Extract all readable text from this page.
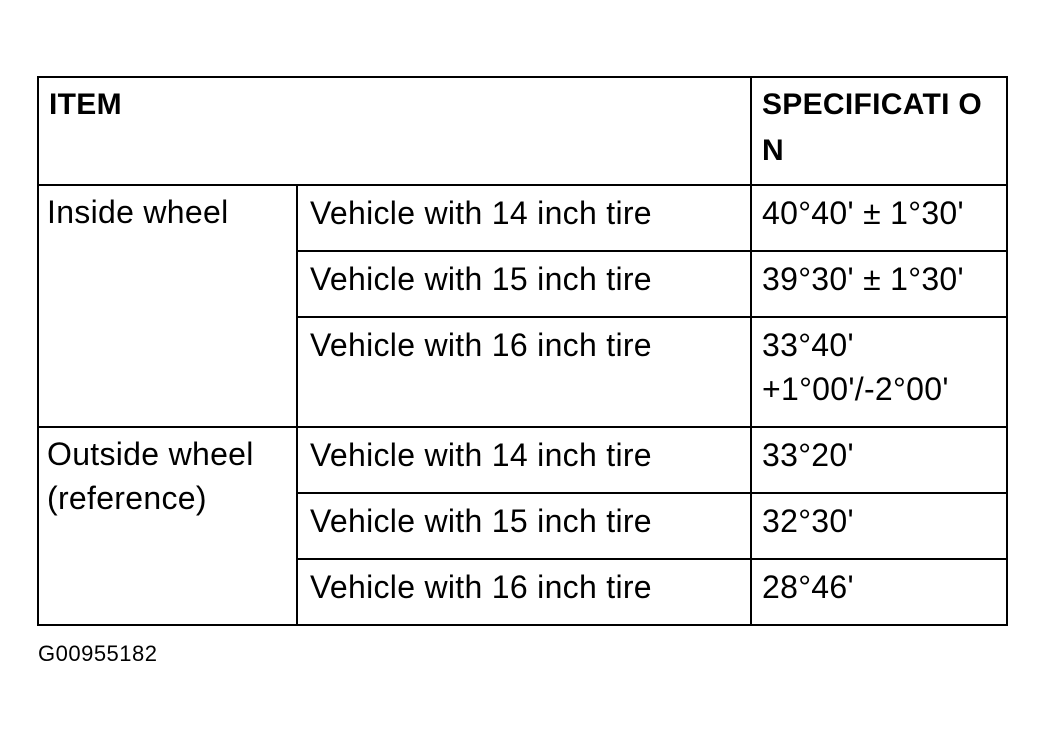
ITEM		SPECIFICATI ON
Inside wheel	Vehicle with 14 inch tire	40°40' ± 1°30'
	Vehicle with 15 inch tire	39°30' ± 1°30'
	Vehicle with 16 inch tire	33°40' +1°00'/-2°00'
Outside wheel (reference)	Vehicle with 14 inch tire	33°20'
	Vehicle with 15 inch tire	32°30'
	Vehicle with 16 inch tire	28°46'
G00955182
